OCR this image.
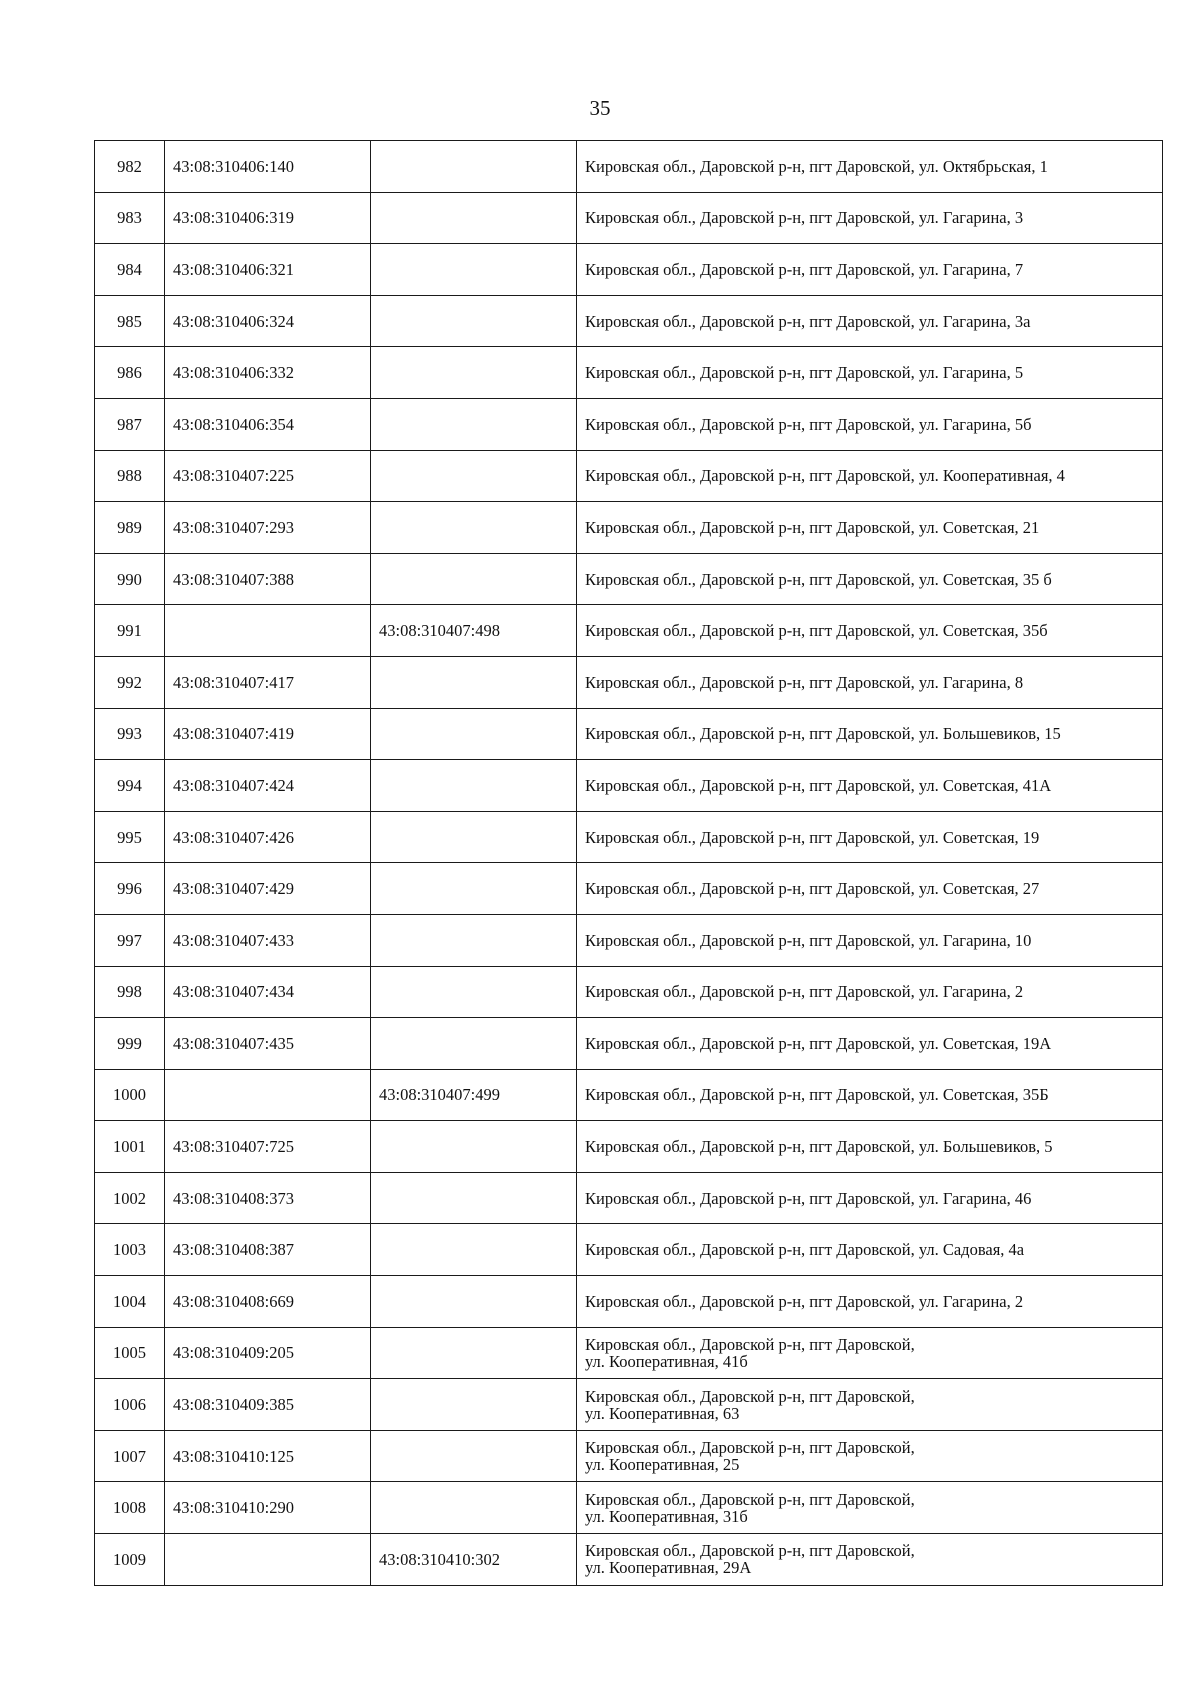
35
982	43:08:310406:140		Кировская обл., Даровской р-н, пгт Даровской, ул. Октябрьская, 1
983	43:08:310406:319		Кировская обл., Даровской р-н, пгт Даровской, ул. Гагарина, 3
984	43:08:310406:321		Кировская обл., Даровской р-н, пгт Даровской, ул. Гагарина, 7
985	43:08:310406:324		Кировская обл., Даровской р-н, пгт Даровской, ул. Гагарина, 3а
986	43:08:310406:332		Кировская обл., Даровской р-н, пгт Даровской, ул. Гагарина, 5
987	43:08:310406:354		Кировская обл., Даровской р-н, пгт Даровской, ул. Гагарина, 5б
988	43:08:310407:225		Кировская обл., Даровской р-н, пгт Даровской, ул. Кооперативная, 4
989	43:08:310407:293		Кировская обл., Даровской р-н, пгт Даровской, ул. Советская, 21
990	43:08:310407:388		Кировская обл., Даровской р-н, пгт Даровской, ул. Советская, 35 б
991		43:08:310407:498	Кировская обл., Даровской р-н, пгт Даровской, ул. Советская, 35б
992	43:08:310407:417		Кировская обл., Даровской р-н, пгт Даровской, ул. Гагарина, 8
993	43:08:310407:419		Кировская обл., Даровской р-н, пгт Даровской, ул. Большевиков, 15
994	43:08:310407:424		Кировская обл., Даровской р-н, пгт Даровской, ул. Советская, 41А
995	43:08:310407:426		Кировская обл., Даровской р-н, пгт Даровской, ул. Советская, 19
996	43:08:310407:429		Кировская обл., Даровской р-н, пгт Даровской, ул. Советская, 27
997	43:08:310407:433		Кировская обл., Даровской р-н, пгт Даровской, ул. Гагарина, 10
998	43:08:310407:434		Кировская обл., Даровской р-н, пгт Даровской, ул. Гагарина, 2
999	43:08:310407:435		Кировская обл., Даровской р-н, пгт Даровской, ул. Советская, 19А
1000		43:08:310407:499	Кировская обл., Даровской р-н, пгт Даровской, ул. Советская, 35Б
1001	43:08:310407:725		Кировская обл., Даровской р-н, пгт Даровской, ул. Большевиков, 5
1002	43:08:310408:373		Кировская обл., Даровской р-н, пгт Даровской, ул. Гагарина, 46
1003	43:08:310408:387		Кировская обл., Даровской р-н, пгт Даровской, ул. Садовая, 4а
1004	43:08:310408:669		Кировская обл., Даровской р-н, пгт Даровской, ул. Гагарина, 2
1005	43:08:310409:205		Кировская обл., Даровской р-н, пгт Даровской,
ул. Кооперативная, 41б
1006	43:08:310409:385		Кировская обл., Даровской р-н, пгт Даровской,
ул. Кооперативная, 63
1007	43:08:310410:125		Кировская обл., Даровской р-н, пгт Даровской,
ул. Кооперативная, 25
1008	43:08:310410:290		Кировская обл., Даровской р-н, пгт Даровской,
ул. Кооперативная, 31б
1009		43:08:310410:302	Кировская обл., Даровской р-н, пгт Даровской,
ул. Кооперативная, 29А
